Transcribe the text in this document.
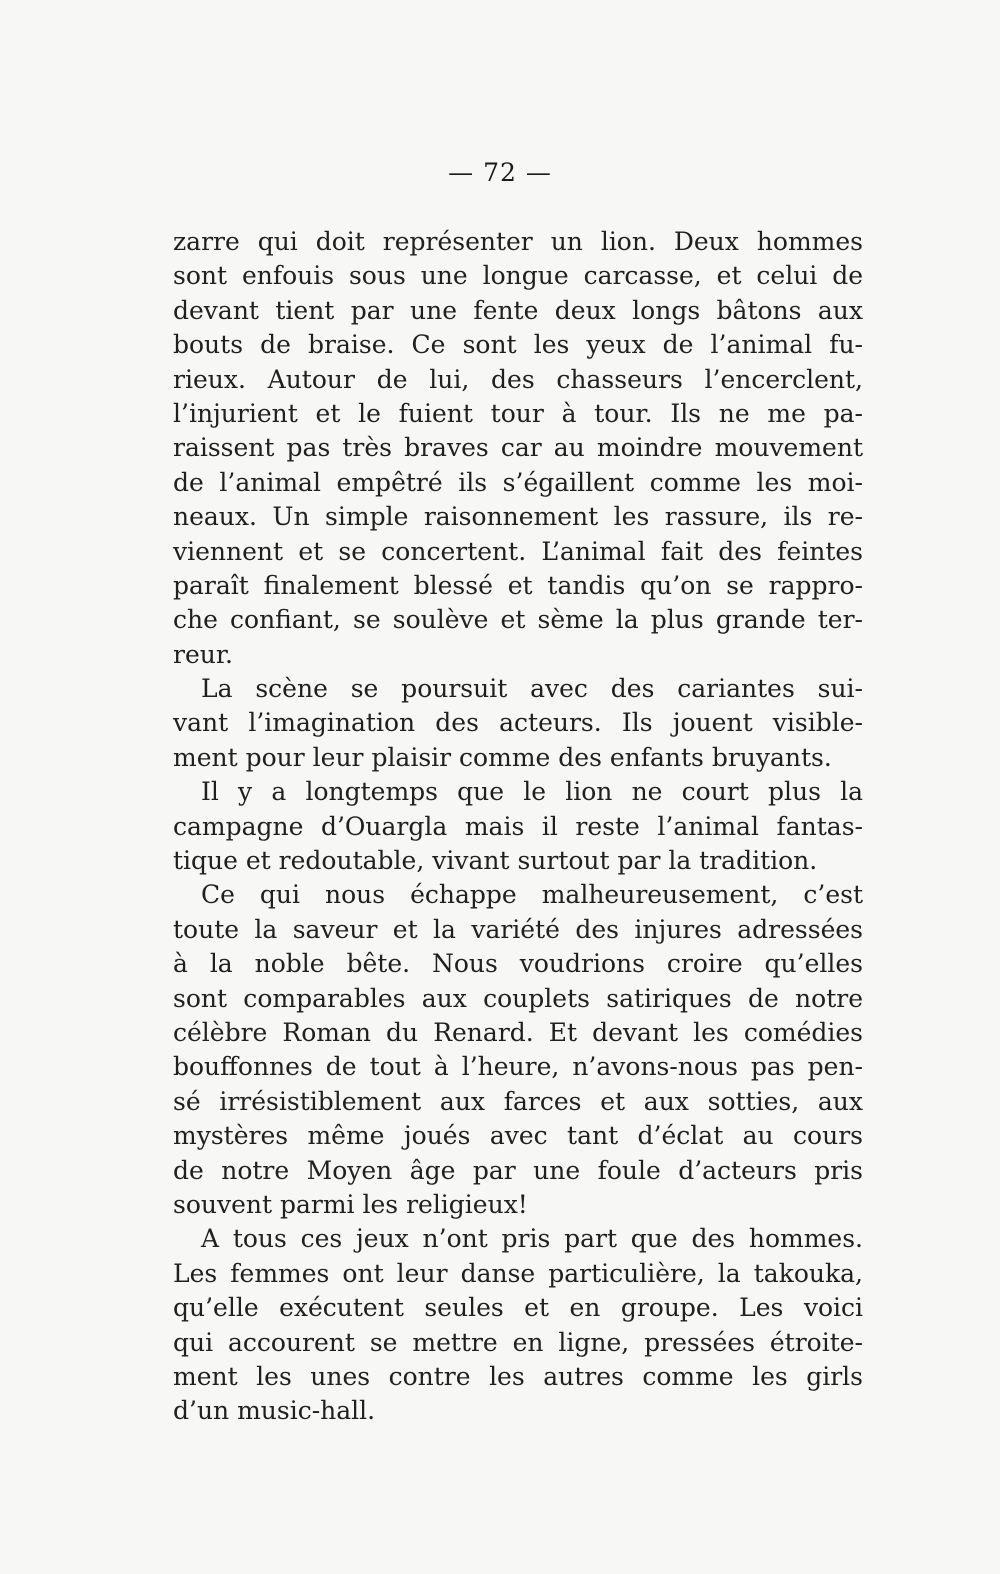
— 72 —
zarre qui doit représenter un lion. Deux hommes
sont enfouis sous une longue carcasse, et celui de
devant tient par une fente deux longs bâtons aux
bouts de braise. Ce sont les yeux de l’animal fu-
rieux. Autour de lui, des chasseurs l’encerclent,
l’injurient et le fuient tour à tour. Ils ne me pa-
raissent pas très braves car au moindre mouvement
de l’animal empêtré ils s’égaillent comme les moi-
neaux. Un simple raisonnement les rassure, ils re-
viennent et se concertent. L’animal fait des feintes
paraît finalement blessé et tandis qu’on se rappro-
che confiant, se soulève et sème la plus grande ter-
reur.
La scène se poursuit avec des cariantes sui-
vant l’imagination des acteurs. Ils jouent visible-
ment pour leur plaisir comme des enfants bruyants.
Il y a longtemps que le lion ne court plus la
campagne d’Ouargla mais il reste l’animal fantas-
tique et redoutable, vivant surtout par la tradition.
Ce qui nous échappe malheureusement, c’est
toute la saveur et la variété des injures adressées
à la noble bête. Nous voudrions croire qu’elles
sont comparables aux couplets satiriques de notre
célèbre Roman du Renard. Et devant les comédies
bouffonnes de tout à l’heure, n’avons-nous pas pen-
sé irrésistiblement aux farces et aux sotties, aux
mystères même joués avec tant d’éclat au cours
de notre Moyen âge par une foule d’acteurs pris
souvent parmi les religieux!
A tous ces jeux n’ont pris part que des hommes.
Les femmes ont leur danse particulière, la takouka,
qu’elle exécutent seules et en groupe. Les voici
qui accourent se mettre en ligne, pressées étroite-
ment les unes contre les autres comme les girls
d’un music-hall.
